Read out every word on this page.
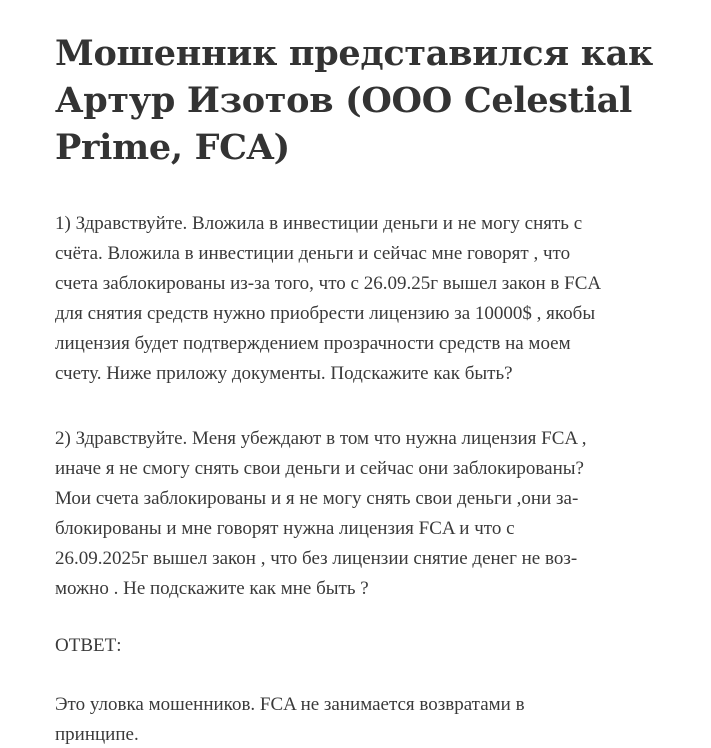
Мошенник представился как
Артур Изотов (ООО Celestial
Prime, FCA)
1) Здравствуйте. Вложила в инвестиции деньги и не могу снять с
счёта. Вложила в инвестиции деньги и сейчас мне говорят , что
счета заблокированы из-за того, что с 26.09.25г вышел закон в FCA
для снятия средств нужно приобрести лицензию за 10000$ , якобы
лицензия будет подтверждением прозрачности средств на моем
счету. Ниже приложу документы. Подскажите как быть?
2) Здравствуйте. Меня убеждают в том что нужна лицензия FCA ,
иначе я не смогу снять свои деньги и сейчас они заблокированы?
Мои счета заблокированы и я не могу снять свои деньги ,они за-
блокированы и мне говорят нужна лицензия FCA и что с
26.09.2025г вышел закон , что без лицензии снятие денег не воз-
можно . Не подскажите как мне быть ?
ОТВЕТ:
Это уловка мошенников. FCA не занимается возвратами в
принципе.
